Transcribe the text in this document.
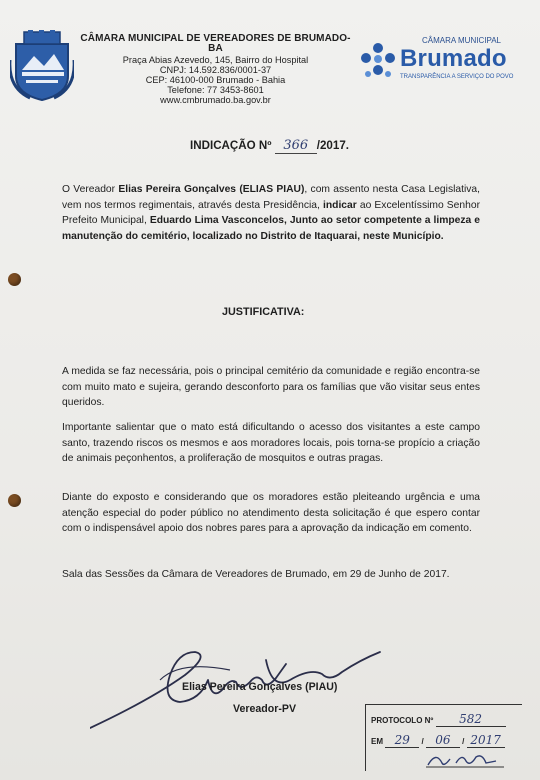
CÂMARA MUNICIPAL DE VEREADORES DE BRUMADO-BA
Praça Abias Azevedo, 145, Bairro do Hospital
CNPJ: 14.592.836/0001-37
CEP: 46100-000 Brumado - Bahia
Telefone: 77 3453-8601
www.cmbrumado.ba.gov.br
CÂMARA MUNICIPAL
Brumado
TRANSPARÊNCIA A SERVIÇO DO POVO
INDICAÇÃO Nº 366 /2017.
O Vereador Elias Pereira Gonçalves (ELIAS PIAU), com assento nesta Casa Legislativa, vem nos termos regimentais, através desta Presidência, indicar ao Excelentíssimo Senhor Prefeito Municipal, Eduardo Lima Vasconcelos, Junto ao setor competente a limpeza e manutenção do cemitério, localizado no Distrito de Itaquarai, neste Município.
JUSTIFICATIVA:
A medida se faz necessária, pois o principal cemitério da comunidade e região encontra-se com muito mato e sujeira, gerando desconforto para os famílias que vão visitar seus entes queridos.
Importante salientar que o mato está dificultando o acesso dos visitantes a este campo santo, trazendo riscos os mesmos e aos moradores locais, pois torna-se propício a criação de animais peçonhentos, a proliferação de mosquitos e outras pragas.
Diante do exposto e considerando que os moradores estão pleiteando urgência e uma atenção especial do poder público no atendimento desta solicitação é que espero contar com o indispensável apoio dos nobres pares para a aprovação da indicação em comento.
Sala das Sessões da Câmara de Vereadores de Brumado, em 29 de Junho de 2017.
Elias Pereira Gonçalves (PIAU)
Vereador-PV
PROTOCOLO Nº 582
EM 29 / 06 / 2017
